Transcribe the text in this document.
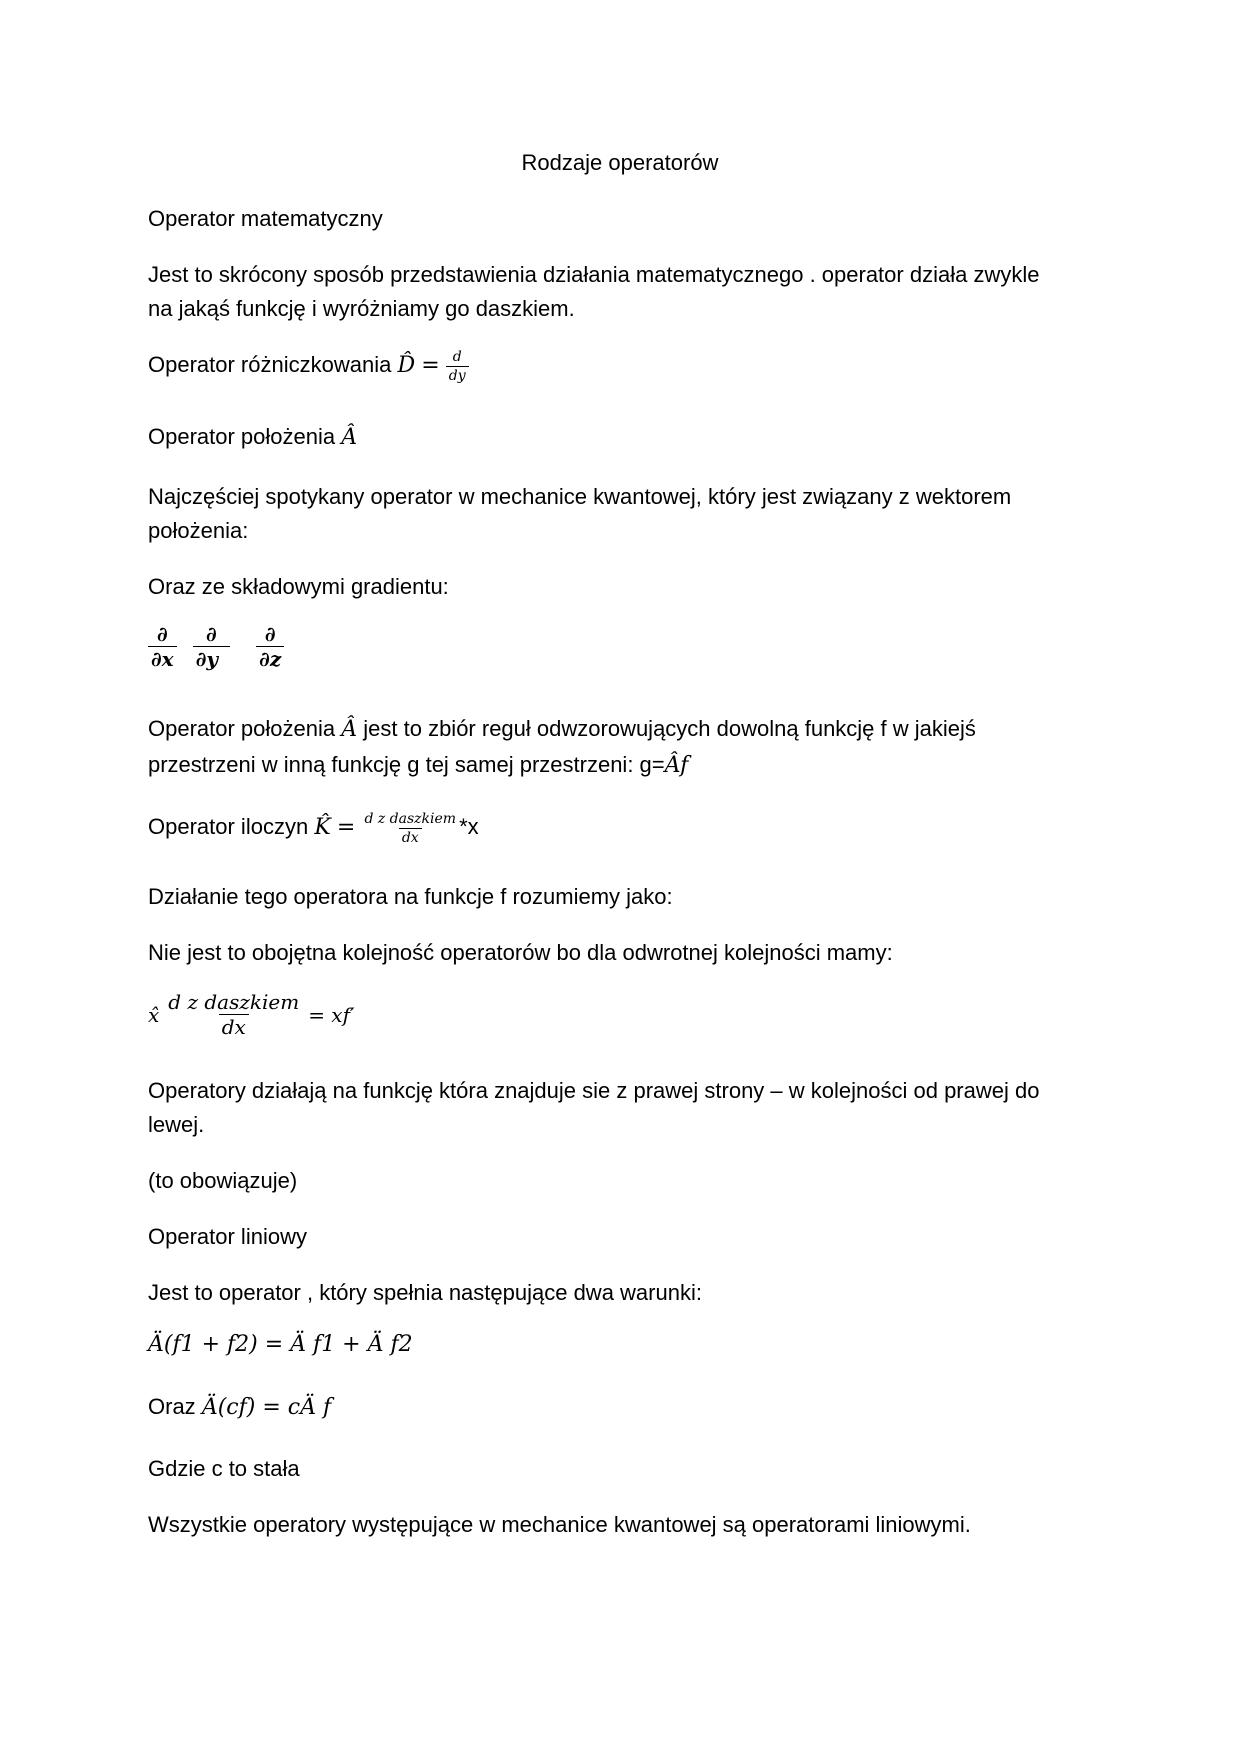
Rodzaje operatorów
Operator matematyczny
Jest to skrócony sposób przedstawienia działania matematycznego . operator działa zwykle
na jakąś funkcję i wyróżniamy go daszkiem.
Operator różniczkowania D̂ = $\frac{d}{dy}$
Operator położenia Â
Najczęściej spotykany operator w mechanice kwantowej, który jest związany z wektorem
położenia:
Oraz ze składowymi gradientu:
$\frac{\partial}{\partial x}$
$\frac{\partial}{\partial y}$
$\frac{\partial}{\partial z}$
Operator położenia Â jest to zbiór reguł odwzorowujących dowolną funkcję f w jakiejś
przestrzeni w inną funkcję g tej samej przestrzeni: g=Âf
Operator iloczyn K̂ = $\frac{\text{d z daszkiem}}{dx} *x$
Działanie tego operatora na funkcje f rozumiemy jako:
Nie jest to obojętna kolejność operatorów bo dla odwrotnej kolejności mamy:
x̂ $\frac{\text{d z daszkiem}}{dx} = xf'$
Operatory działają na funkcję która znajduje sie z prawej strony – w kolejności od prawej do
lewej.
(to obowiązuje)
Operator liniowy
Jest to operator , który spełnia następujące dwa warunki:
Ä(f1 + f2) = Ä f1 + Ä f2
Oraz Ä(cf) = cÄ f
Gdzie c to stała
Wszystkie operatory występujące w mechanice kwantowej są operatorami liniowymi.
